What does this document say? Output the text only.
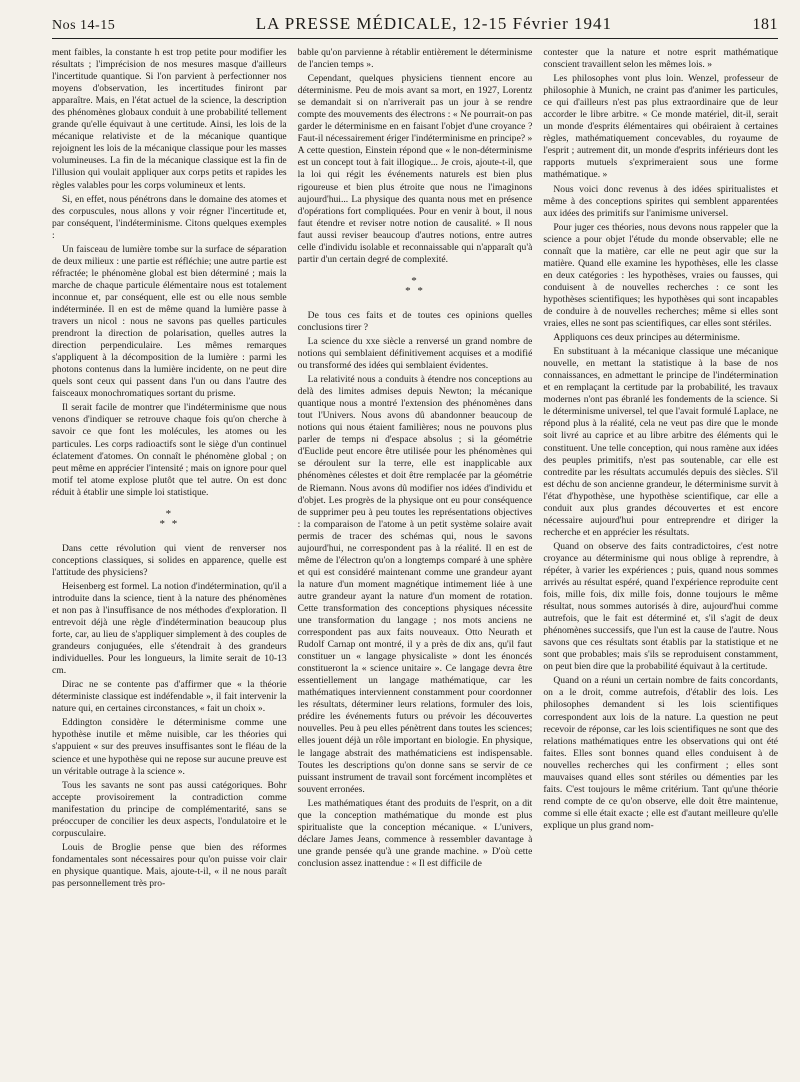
Nos 14-15	LA PRESSE MÉDICALE, 12-15 Février 1941	181

ment faibles, la constante h est trop petite pour modifier les résultats ; l'imprécision de nos mesures masque d'ailleurs l'incertitude quantique. Si l'on parvient à perfectionner nos moyens d'observation, les incertitudes finiront par apparaître. Mais, en l'état actuel de la science, la description des phénomènes globaux conduit à une probabilité tellement grande qu'elle équivaut à une certitude. Ainsi, les lois de la mécanique relativiste et de la mécanique quantique rejoignent les lois de la mécanique classique pour les masses volumineuses. La fin de la mécanique classique est la fin de l'illusion qui voulait appliquer aux corps petits et rapides les règles valables pour les corps volumineux et lents.

Si, en effet, nous pénétrons dans le domaine des atomes et des corpuscules, nous allons y voir régner l'incertitude et, par conséquent, l'indéterminisme. Citons quelques exemples :

Un faisceau de lumière tombe sur la surface de séparation de deux milieux : une partie est réfléchie; une autre partie est réfractée; le phénomène global est bien déterminé ; mais la marche de chaque particule élémentaire nous est totalement inconnue et, par conséquent, elle est ou elle nous semble indéterminée. Il en est de même quand la lumière passe à travers un nicol : nous ne savons pas quelles particules prendront la direction de polarisation, quelles autres la direction perpendiculaire. Les mêmes remarques s'appliquent à la décomposition de la lumière : parmi les photons contenus dans la lumière incidente, on ne peut dire quels sont ceux qui passent dans l'un ou dans l'autre des faisceaux monochromatiques sortant du prisme.

Il serait facile de montrer que l'indéterminisme que nous venons d'indiquer se retrouve chaque fois qu'on cherche à savoir ce que font les molécules, les atomes ou les particules. Les corps radioactifs sont le siège d'un continuel éclatement d'atomes. On connaît le phénomène global ; on peut même en apprécier l'intensité ; mais on ignore pour quel motif tel atome explose plutôt que tel autre. On est donc réduit à établir une simple loi statistique.

*
* *

Dans cette révolution qui vient de renverser nos conceptions classiques, si solides en apparence, quelle est l'attitude des physiciens?

Heisenberg est formel. La notion d'indétermination, qu'il a introduite dans la science, tient à la nature des phénomènes et non pas à l'insuffisance de nos méthodes d'exploration. Il entrevoit déjà une règle d'indétermination beaucoup plus forte, car, au lieu de s'appliquer simplement à des couples de grandeurs conjuguées, elle s'étendrait à des grandeurs individuelles. Pour les longueurs, la limite serait de 10-13 cm.

Dirac ne se contente pas d'affirmer que « la théorie déterministe classique est indéfendable », il fait intervenir la nature qui, en certaines circonstances, « fait un choix ».

Eddington considère le déterminisme comme une hypothèse inutile et même nuisible, car les théories qui s'appuient « sur des preuves insuffisantes sont le fléau de la science et une hypothèse qui ne repose sur aucune preuve est un véritable outrage à la science ».

Tous les savants ne sont pas aussi catégoriques. Bohr accepte provisoirement la contradiction comme manifestation du principe de complémentarité, sans se préoccuper de concilier les deux aspects, l'ondulatoire et le corpusculaire.

Louis de Broglie pense que bien des réformes fondamentales sont nécessaires pour qu'on puisse voir clair en physique quantique. Mais, ajoute-t-il, « il ne nous paraît pas personnellement très pro-

bable qu'on parvienne à rétablir entièrement le déterminisme de l'ancien temps ».

Cependant, quelques physiciens tiennent encore au déterminisme. Peu de mois avant sa mort, en 1927, Lorentz se demandait si on n'arriverait pas un jour à se rendre compte des mouvements des électrons : « Ne pourrait-on pas garder le déterminisme en en faisant l'objet d'une croyance ? Faut-il nécessairement ériger l'indéterminisme en principe? » A cette question, Einstein répond que « le non-déterminisme est un concept tout à fait illogique... Je crois, ajoute-t-il, que la loi qui régit les événements naturels est bien plus rigoureuse et bien plus étroite que nous ne l'imaginons aujourd'hui... La physique des quanta nous met en présence d'opérations fort compliquées. Pour en venir à bout, il nous faut étendre et reviser notre notion de causalité. » Il nous faut aussi reviser beaucoup d'autres notions, entre autres celle d'individu isolable et reconnaissable qui n'apparaît qu'à partir d'un certain degré de complexité.

*
* *

De tous ces faits et de toutes ces opinions quelles conclusions tirer ?

La science du xxe siècle a renversé un grand nombre de notions qui semblaient définitivement acquises et a modifié ou transformé des idées qui semblaient évidentes.

La relativité nous a conduits à étendre nos conceptions au delà des limites admises depuis Newton; la mécanique quantique nous a montré l'extension des phénomènes dans tout l'Univers. Nous avons dû abandonner beaucoup de notions qui nous étaient familières; nous ne pouvons plus parler de temps ni d'espace absolus ; si la géométrie d'Euclide peut encore être utilisée pour les phénomènes qui se déroulent sur la terre, elle est inapplicable aux phénomènes célestes et doit être remplacée par la géométrie de Riemann. Nous avons dû modifier nos idées d'individu et d'objet. Les progrès de la physique ont eu pour conséquence de supprimer peu à peu toutes les représentations objectives : la comparaison de l'atome à un petit système solaire avait permis de tracer des schémas qui, nous le savons aujourd'hui, ne correspondent pas à la réalité. Il en est de même de l'électron qu'on a longtemps comparé à une sphère et qui est considéré maintenant comme une grandeur ayant la nature d'un moment magnétique intimement liée à une autre grandeur ayant la nature d'un moment de rotation. Cette transformation des conceptions physiques nécessite une transformation du langage ; nos mots anciens ne correspondent pas aux faits nouveaux. Otto Neurath et Rudolf Carnap ont montré, il y a près de dix ans, qu'il faut constituer un « langage physicaliste » dont les énoncés constitueront la « science unitaire ». Ce langage devra être essentiellement un langage mathématique, car les mathématiques interviennent constamment pour coordonner les résultats, déterminer leurs relations, formuler des lois, prédire les événements futurs ou prévoir les découvertes nouvelles. Peu à peu elles pénètrent dans toutes les sciences; elles jouent déjà un rôle important en biologie. En physique, le langage abstrait des mathématiciens est indispensable. Toutes les descriptions qu'on donne sans se servir de ce puissant instrument de travail sont forcément incomplètes et souvent erronées.

Les mathématiques étant des produits de l'esprit, on a dit que la conception mathématique du monde est plus spiritualiste que la conception mécanique. « L'univers, déclare James Jeans, commence à ressembler davantage à une grande pensée qu'à une grande machine. » D'où cette conclusion assez inattendue : « Il est difficile de

contester que la nature et notre esprit mathématique conscient travaillent selon les mêmes lois. »

Les philosophes vont plus loin. Wenzel, professeur de philosophie à Munich, ne craint pas d'animer les particules, ce qui d'ailleurs n'est pas plus extraordinaire que de leur accorder le libre arbitre. « Ce monde matériel, dit-il, serait un monde d'esprits élémentaires qui obéiraient à certaines règles, mathématiquement concevables, du royaume de l'esprit ; autrement dit, un monde d'esprits inférieurs dont les rapports mutuels s'exprimeraient sous une forme mathématique. »

Nous voici donc revenus à des idées spiritualistes et même à des conceptions spirites qui semblent apparentées aux idées des primitifs sur l'animisme universel.

Pour juger ces théories, nous devons nous rappeler que la science a pour objet l'étude du monde observable; elle ne connaît que la matière, car elle ne peut agir que sur la matière. Quand elle examine les hypothèses, elle les classe en deux catégories : les hypothèses, vraies ou fausses, qui conduisent à de nouvelles recherches : ce sont les hypothèses scientifiques; les hypothèses qui sont incapables de conduire à de nouvelles recherches; même si elles sont vraies, elles ne sont pas scientifiques, car elles sont stériles.

Appliquons ces deux principes au déterminisme.

En substituant à la mécanique classique une mécanique nouvelle, en mettant la statistique à la base de nos connaissances, en admettant le principe de l'indétermination et en remplaçant la certitude par la probabilité, les travaux modernes n'ont pas ébranlé les fondements de la science. Si le déterminisme universel, tel que l'avait formulé Laplace, ne répond plus à la réalité, cela ne veut pas dire que le monde soit livré au caprice et au libre arbitre des éléments qui le constituent. Une telle conception, qui nous ramène aux idées des peuples primitifs, n'est pas soutenable, car elle est contredite par les résultats accumulés depuis des siècles. S'il est déchu de son ancienne grandeur, le déterminisme survit à l'état d'hypothèse, une hypothèse scientifique, car elle a conduit aux plus grandes découvertes et est encore nécessaire aujourd'hui pour entreprendre et diriger la recherche et en apprécier les résultats.

Quand on observe des faits contradictoires, c'est notre croyance au déterminisme qui nous oblige à reprendre, à répéter, à varier les expériences ; puis, quand nous sommes arrivés au résultat espéré, quand l'expérience reproduite cent fois, mille fois, dix mille fois, donne toujours le même résultat, nous sommes autorisés à dire, aujourd'hui comme autrefois, que le fait est déterminé et, s'il s'agit de deux phénomènes successifs, que l'un est la cause de l'autre. Nous savons que ces résultats sont établis par la statistique et ne sont que probables; mais s'ils se reproduisent constamment, on peut bien dire que la probabilité équivaut à la certitude.

Quand on a réuni un certain nombre de faits concordants, on a le droit, comme autrefois, d'établir des lois. Les philosophes demandent si les lois scientifiques correspondent aux lois de la nature. La question ne peut recevoir de réponse, car les lois scientifiques ne sont que des relations mathématiques entre les observations qui ont été faites. Elles sont bonnes quand elles conduisent à de nouvelles recherches qui les confirment ; elles sont mauvaises quand elles sont stériles ou démenties par les faits. C'est toujours le même critérium. Tant qu'une théorie rend compte de ce qu'on observe, elle doit être maintenue, comme si elle était exacte ; elle est d'autant meilleure qu'elle explique un plus grand nom-
